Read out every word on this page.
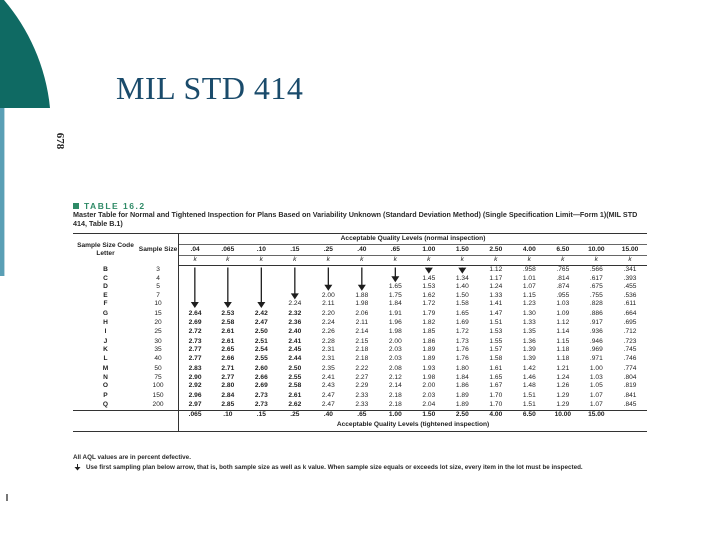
MIL STD 414
678
TABLE 16.2
Master Table for Normal and Tightened Inspection for Plans Based on Variability Unknown (Standard Deviation Method) (Single Specification Limit—Form 1)(MIL STD 414, Table B.1)
Sample Size Code Letter	Sample Size	Acceptable Quality Levels (normal inspection)													
		.04	.065	.10	.15	.25	.40	.65	1.00	1.50	2.50	4.00	6.50	10.00	15.00
		k	k	k	k	k	k	k	k	k	k	k	k	k	k
B	3										1.12	.958	.765	.566	.341
C	4								1.45	1.34	1.17	1.01	.814	.617	.393
D	5							1.65	1.53	1.40	1.24	1.07	.874	.675	.455
E	7					2.00	1.88	1.75	1.62	1.50	1.33	1.15	.955	.755	.536
F	10				2.24	2.11	1.98	1.84	1.72	1.58	1.41	1.23	1.03	.828	.611
G	15	2.64	2.53	2.42	2.32	2.20	2.06	1.91	1.79	1.65	1.47	1.30	1.09	.886	.664
H	20	2.69	2.58	2.47	2.36	2.24	2.11	1.96	1.82	1.69	1.51	1.33	1.12	.917	.695
I	25	2.72	2.61	2.50	2.40	2.26	2.14	1.98	1.85	1.72	1.53	1.35	1.14	.936	.712
J	30	2.73	2.61	2.51	2.41	2.28	2.15	2.00	1.86	1.73	1.55	1.36	1.15	.946	.723
K	35	2.77	2.65	2.54	2.45	2.31	2.18	2.03	1.89	1.76	1.57	1.39	1.18	.969	.745
L	40	2.77	2.66	2.55	2.44	2.31	2.18	2.03	1.89	1.76	1.58	1.39	1.18	.971	.746
M	50	2.83	2.71	2.60	2.50	2.35	2.22	2.08	1.93	1.80	1.61	1.42	1.21	1.00	.774
N	75	2.90	2.77	2.66	2.55	2.41	2.27	2.12	1.98	1.84	1.65	1.46	1.24	1.03	.804
O	100	2.92	2.80	2.69	2.58	2.43	2.29	2.14	2.00	1.86	1.67	1.48	1.26	1.05	.819
P	150	2.96	2.84	2.73	2.61	2.47	2.33	2.18	2.03	1.89	1.70	1.51	1.29	1.07	.841
Q	200	2.97	2.85	2.73	2.62	2.47	2.33	2.18	2.04	1.89	1.70	1.51	1.29	1.07	.845
		.065	.10	.15	.25	.40	.65	1.00	1.50	2.50	4.00	6.50	10.00	15.00	
		Acceptable Quality Levels (tightened inspection)													
All AQL values are in percent defective.
Use first sampling plan below arrow, that is, both sample size as well as k value. When sample size equals or exceeds lot size, every item in the lot must be inspected.
